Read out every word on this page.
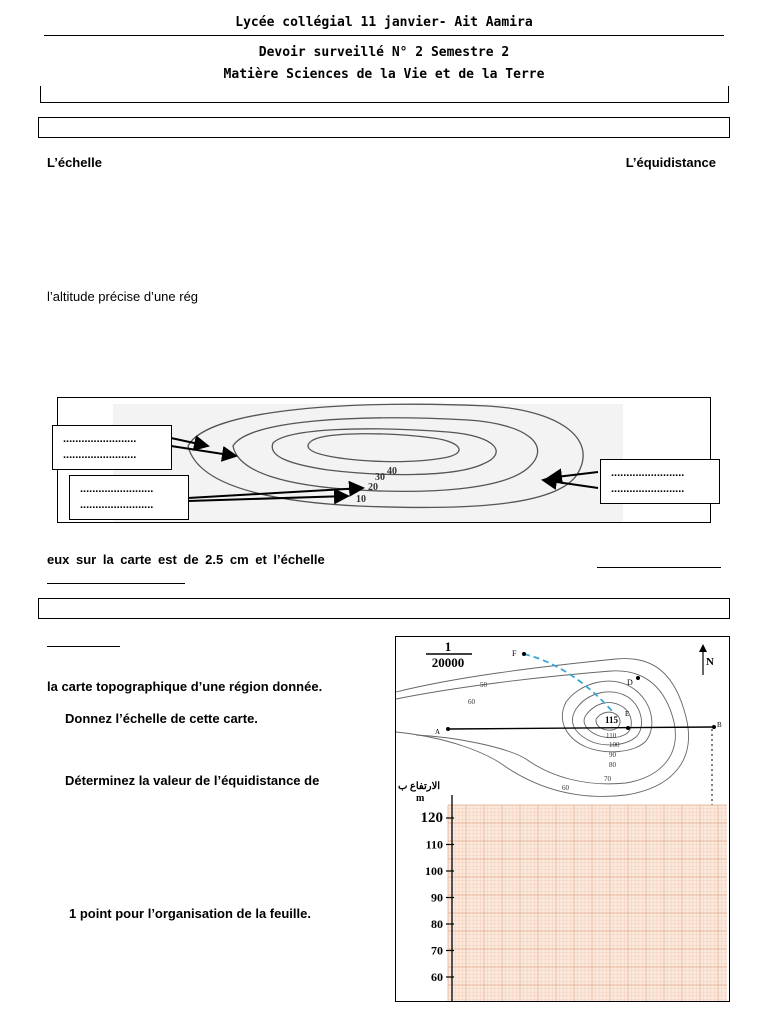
Lycée collégial 11 janvier- Ait Aamira
Devoir surveillé N° 2 Semestre 2
Matière Sciences de la Vie et de la Terre
L’échelle	L’équidistance
l’altitude précise d’une rég
40
30
20
10
........................
........................
........................
........................
........................
........................
eux sur la carte est de 2.5 cm et l’échelle
la carte topographique d’une région donnée.
Donnez l’échelle de cette carte.
Déterminez la valeur de l’équidistance de
1 point pour l’organisation de la feuille.
1
20000	N
F
D
E
115
A
B
50
60
110
100
90
80
70
60
الارتفاع ب
m
120
110
100
90
80
70
60
